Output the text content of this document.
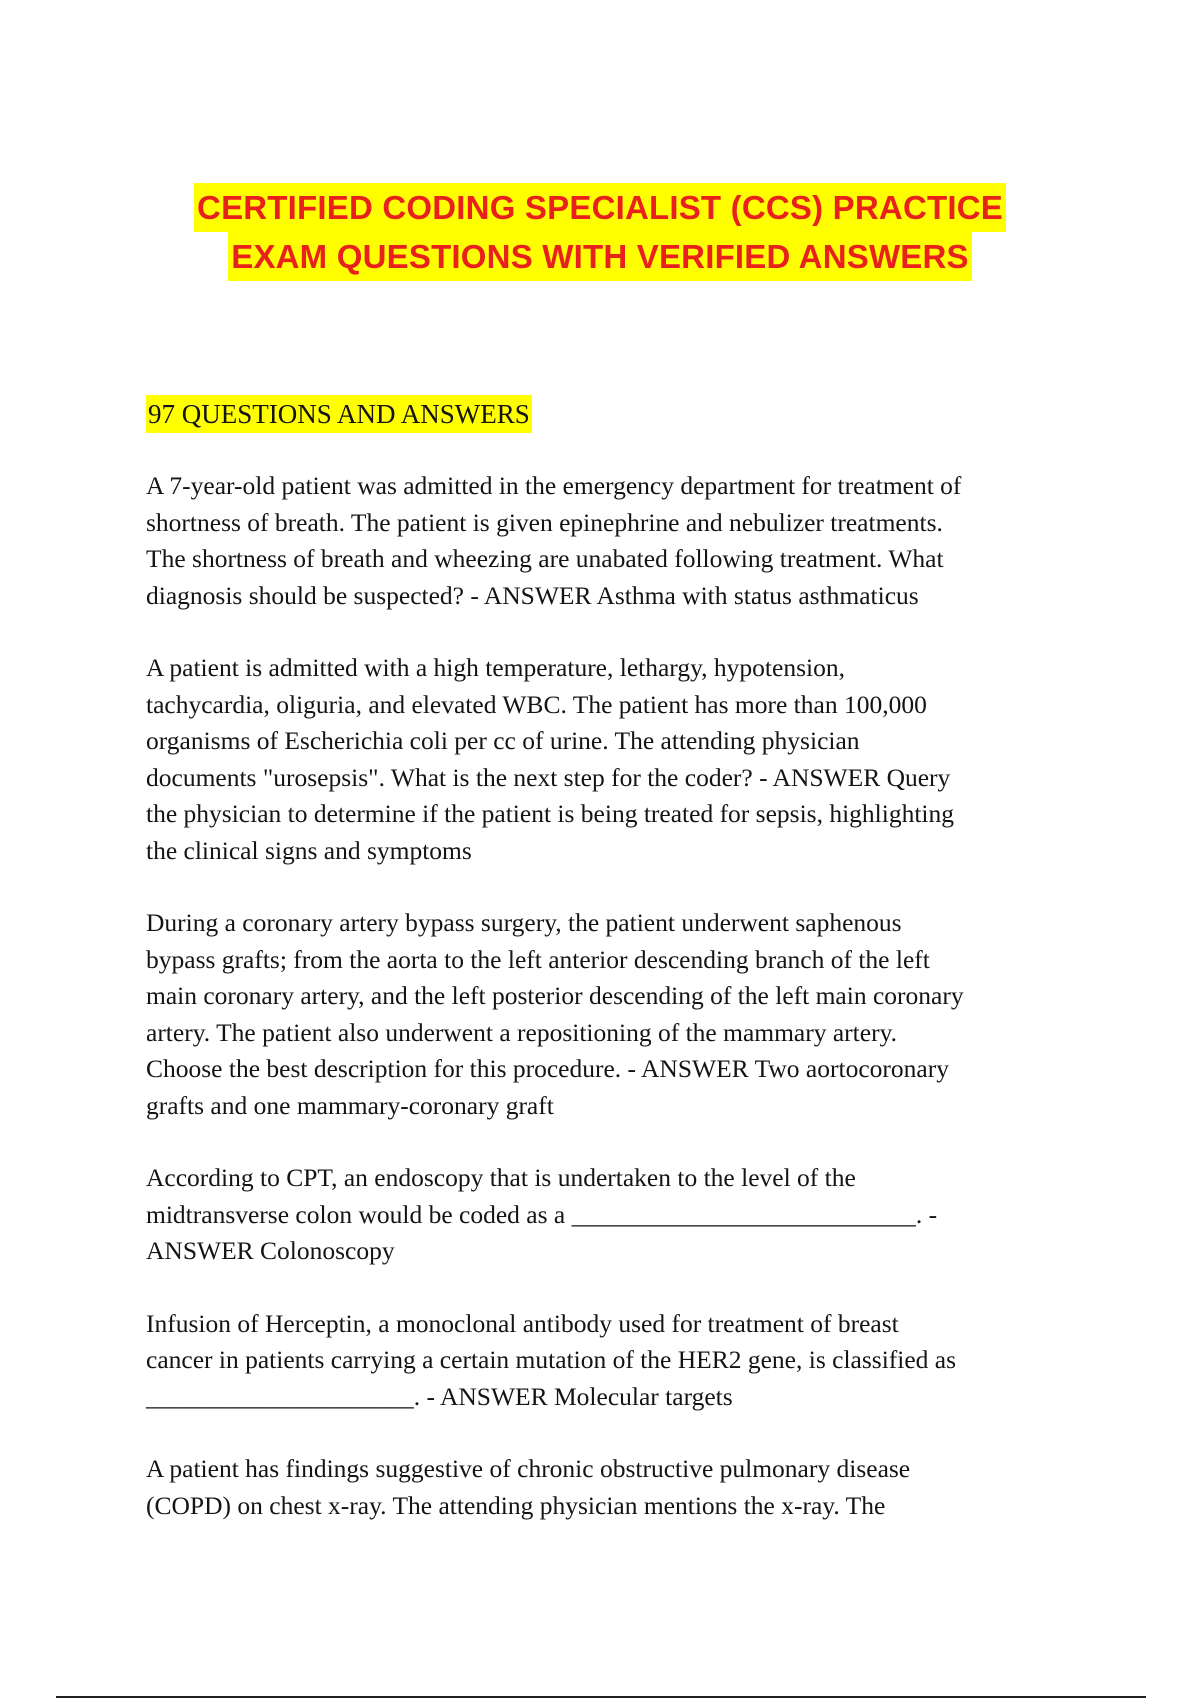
CERTIFIED CODING SPECIALIST (CCS) PRACTICE
EXAM QUESTIONS WITH VERIFIED ANSWERS
97 QUESTIONS AND ANSWERS
A 7-year-old patient was admitted in the emergency department for treatment of
shortness of breath. The patient is given epinephrine and nebulizer treatments.
The shortness of breath and wheezing are unabated following treatment. What
diagnosis should be suspected? - ANSWER Asthma with status asthmaticus
A patient is admitted with a high temperature, lethargy, hypotension,
tachycardia, oliguria, and elevated WBC. The patient has more than 100,000
organisms of Escherichia coli per cc of urine. The attending physician
documents "urosepsis". What is the next step for the coder? - ANSWER Query
the physician to determine if the patient is being treated for sepsis, highlighting
the clinical signs and symptoms
During a coronary artery bypass surgery, the patient underwent saphenous
bypass grafts; from the aorta to the left anterior descending branch of the left
main coronary artery, and the left posterior descending of the left main coronary
artery. The patient also underwent a repositioning of the mammary artery.
Choose the best description for this procedure. - ANSWER Two aortocoronary
grafts and one mammary-coronary graft
According to CPT, an endoscopy that is undertaken to the level of the
midtransverse colon would be coded as a ___________________________. -
ANSWER Colonoscopy
Infusion of Herceptin, a monoclonal antibody used for treatment of breast
cancer in patients carrying a certain mutation of the HER2 gene, is classified as
_____________________. - ANSWER Molecular targets
A patient has findings suggestive of chronic obstructive pulmonary disease
(COPD) on chest x-ray. The attending physician mentions the x-ray. The
